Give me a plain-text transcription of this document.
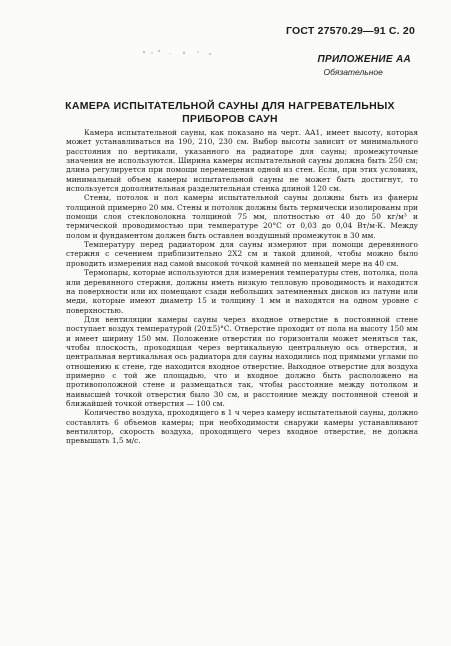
ГОСТ 27570.29—91 С. 20
ПРИЛОЖЕНИЕ АА
Обязательное
КАМЕРА ИСПЫТАТЕЛЬНОЙ САУНЫ ДЛЯ НАГРЕВАТЕЛЬНЫХ ПРИБОРОВ САУН

Камера испытательной сауны, как показано на черт. AA1, имеет высоту, которая может устанавливаться на 190, 210, 230 см. Выбор высоты зависит от минимального расстояния по вертикали, указанного на радиаторе для сауны; промежуточные значения не используются. Ширина камеры испытательной сауны должна быть 250 см; длина регулируется при помощи перемещения одной из стен. Если, при этих условиях, минимальный объем камеры испытательной сауны не может быть достигнут, то используется дополнительная разделительная стенка длиной 120 см.

Стены, потолок и пол камеры испытательной сауны должны быть из фанеры толщиной примерно 20 мм. Стены и потолок должны быть термически изолированы при помощи слоя стекловолокна толщиной 75 мм, плотностью от 40 до 50 кг/м³ и термической проводимостью при температуре 20°С от 0,03 до 0,04 Вт/м·К. Между полом и фундаментом должен быть оставлен воздушный промежуток в 30 мм.

Температуру перед радиатором для сауны измеряют при помощи деревянного стержня с сечением приблизительно 2Х2 см и такой длиной, чтобы можно было проводить измерения над самой высокой точкой камней по меньшей мере на 40 см.

Термопары, которые используются для измерения температуры стен, потолка, пола или деревянного стержня, должны иметь низкую тепловую проводимость и находится на поверхности или их помещают сзади небольших затемненных дисков из латуни или меди, которые имеют диаметр 15 и толщину 1 мм и находятся на одном уровне с поверхностью.

Для вентиляции камеры сауны через входное отверстие в постоянной стене поступает воздух температурой (20±5)°С. Отверстие проходит от пола на высоту 150 мм и имеет ширину 150 мм. Положение отверстия по горизонтали может меняться так, чтобы плоскость, проходящая через вертикальную центральную ось отверстия, и центральная вертикальная ось радиатора для сауны находились под прямыми углами по отношению к стене, где находится входное отверстие. Выходное отверстие для воздуха примерно с той же площадью, что и входное должно быть расположено на противоположной стене и размещаться так, чтобы расстояние между потолком и наивысшей точкой отверстия было 30 см, и расстояние между постоянной стеной и ближайшей точкой отверстия — 100 см.

Количество воздуха, проходящего в 1 ч через камеру испытательной сауны, должно составлять 6 объемов камеры; при необходимости снаружи камеры устанавливают вентилятор, скорость воздуха, проходящего через входное отверстие, не должна превышать 1,5 м/с.
